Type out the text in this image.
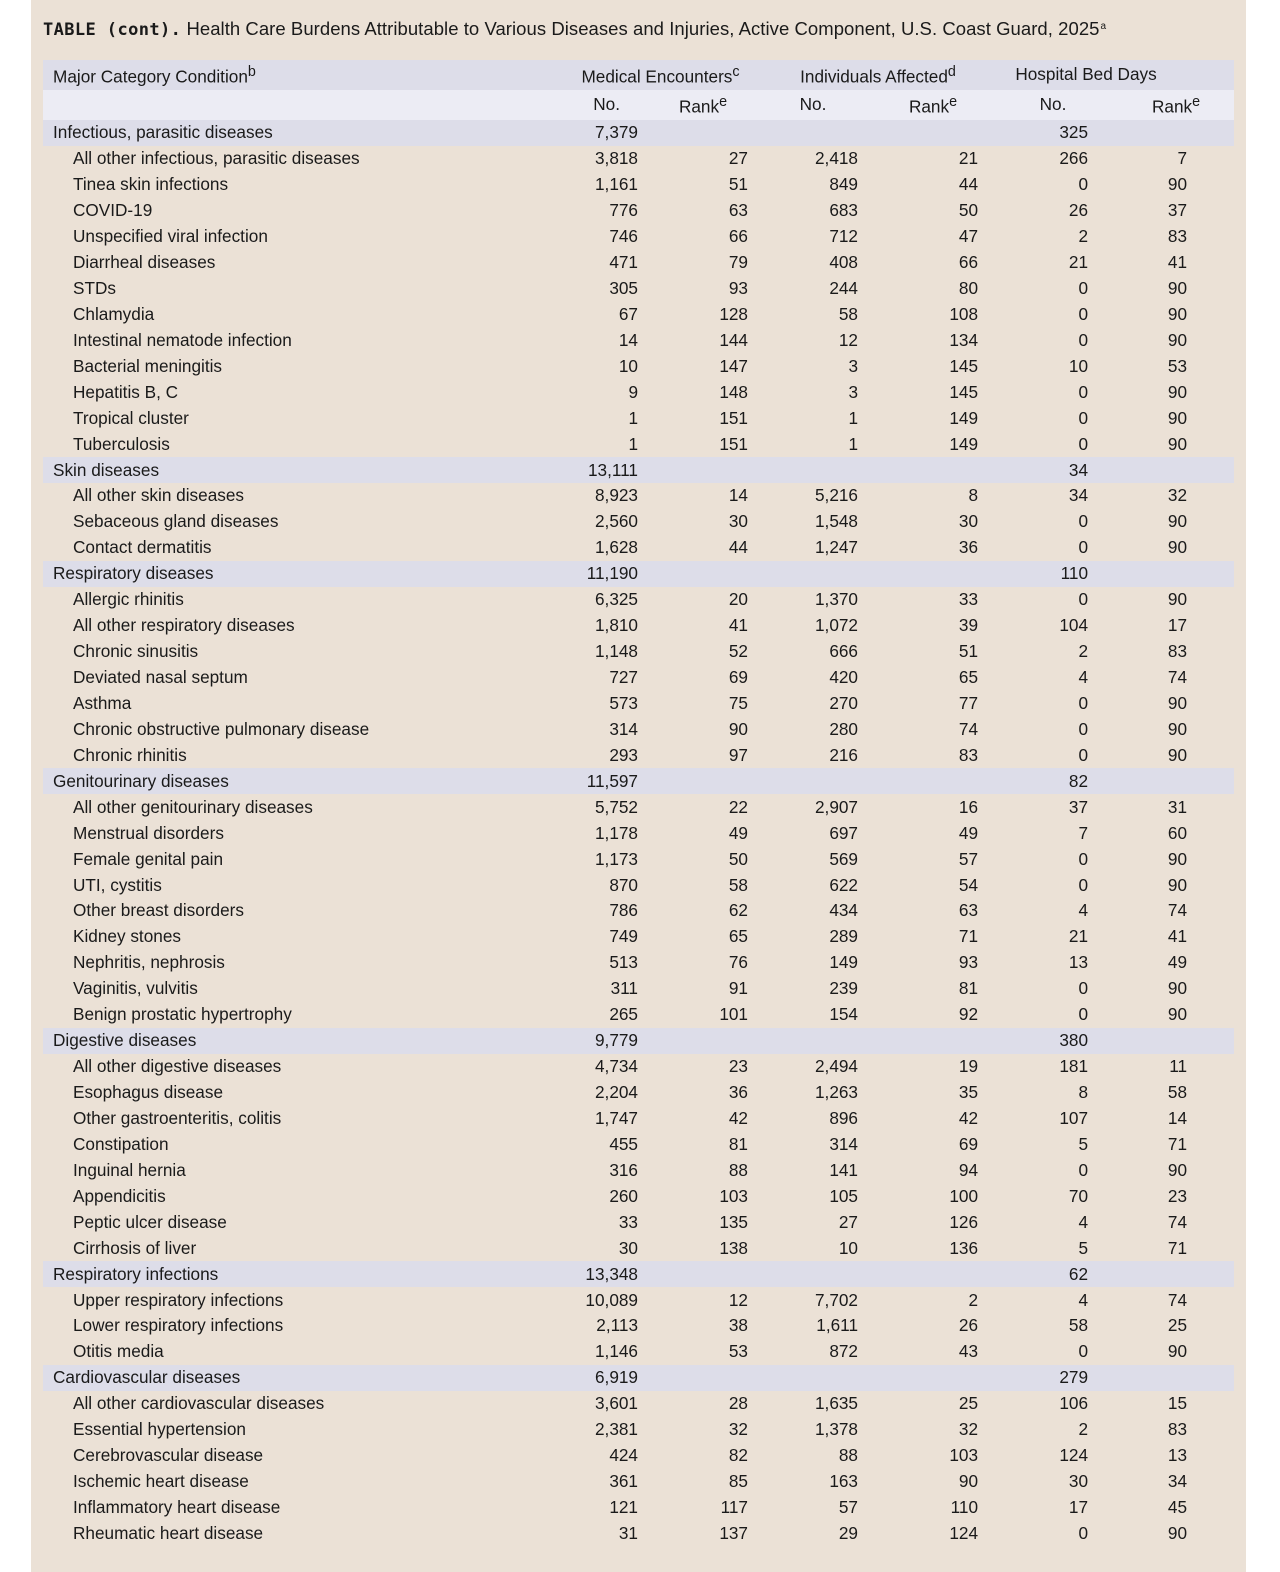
TABLE (cont). Health Care Burdens Attributable to Various Diseases and Injuries, Active Component, U.S. Coast Guard, 2025$^a$
Major Category Condition$^b$	Medical Encounters$^c$		Individuals Affected$^d$		Hospital Bed Days	
	No.	Rank$^e$	No.	Rank$^e$	No.	Rank$^e$
Infectious, parasitic diseases	7,379				325	
All other infectious, parasitic diseases	3,818	27	2,418	21	266	7
Tinea skin infections	1,161	51	849	44	0	90
COVID-19	776	63	683	50	26	37
Unspecified viral infection	746	66	712	47	2	83
Diarrheal diseases	471	79	408	66	21	41
STDs	305	93	244	80	0	90
Chlamydia	67	128	58	108	0	90
Intestinal nematode infection	14	144	12	134	0	90
Bacterial meningitis	10	147	3	145	10	53
Hepatitis B, C	9	148	3	145	0	90
Tropical cluster	1	151	1	149	0	90
Tuberculosis	1	151	1	149	0	90
Skin diseases	13,111				34	
All other skin diseases	8,923	14	5,216	8	34	32
Sebaceous gland diseases	2,560	30	1,548	30	0	90
Contact dermatitis	1,628	44	1,247	36	0	90
Respiratory diseases	11,190				110	
Allergic rhinitis	6,325	20	1,370	33	0	90
All other respiratory diseases	1,810	41	1,072	39	104	17
Chronic sinusitis	1,148	52	666	51	2	83
Deviated nasal septum	727	69	420	65	4	74
Asthma	573	75	270	77	0	90
Chronic obstructive pulmonary disease	314	90	280	74	0	90
Chronic rhinitis	293	97	216	83	0	90
Genitourinary diseases	11,597				82	
All other genitourinary diseases	5,752	22	2,907	16	37	31
Menstrual disorders	1,178	49	697	49	7	60
Female genital pain	1,173	50	569	57	0	90
UTI, cystitis	870	58	622	54	0	90
Other breast disorders	786	62	434	63	4	74
Kidney stones	749	65	289	71	21	41
Nephritis, nephrosis	513	76	149	93	13	49
Vaginitis, vulvitis	311	91	239	81	0	90
Benign prostatic hypertrophy	265	101	154	92	0	90
Digestive diseases	9,779				380	
All other digestive diseases	4,734	23	2,494	19	181	11
Esophagus disease	2,204	36	1,263	35	8	58
Other gastroenteritis, colitis	1,747	42	896	42	107	14
Constipation	455	81	314	69	5	71
Inguinal hernia	316	88	141	94	0	90
Appendicitis	260	103	105	100	70	23
Peptic ulcer disease	33	135	27	126	4	74
Cirrhosis of liver	30	138	10	136	5	71
Respiratory infections	13,348				62	
Upper respiratory infections	10,089	12	7,702	2	4	74
Lower respiratory infections	2,113	38	1,611	26	58	25
Otitis media	1,146	53	872	43	0	90
Cardiovascular diseases	6,919				279	
All other cardiovascular diseases	3,601	28	1,635	25	106	15
Essential hypertension	2,381	32	1,378	32	2	83
Cerebrovascular disease	424	82	88	103	124	13
Ischemic heart disease	361	85	163	90	30	34
Inflammatory heart disease	121	117	57	110	17	45
Rheumatic heart disease	31	137	29	124	0	90
